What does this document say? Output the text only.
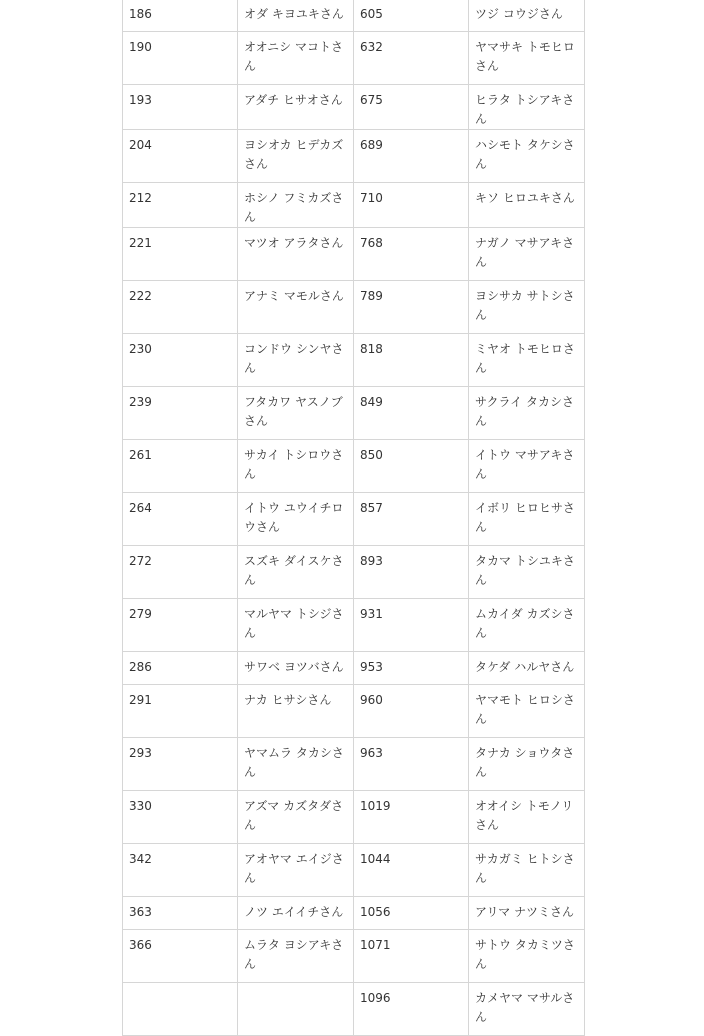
186	オダ キヨユキさん	605	ツジ コウジさん
190	オオニシ マコトさん	632	ヤマサキ トモヒロさん
193	アダチ ヒサオさん	675	ヒラタ トシアキさん
204	ヨシオカ ヒデカズさん	689	ハシモト タケシさん
212	ホシノ フミカズさん	710	キソ ヒロユキさん
221	マツオ アラタさん	768	ナガノ マサアキさん
222	アナミ マモルさん	789	ヨシサカ サトシさん
230	コンドウ シンヤさん	818	ミヤオ トモヒロさん
239	フタカワ ヤスノブさん	849	サクライ タカシさん
261	サカイ トシロウさん	850	イトウ マサアキさん
264	イトウ ユウイチロウさん	857	イボリ ヒロヒサさん
272	スズキ ダイスケさん	893	タカマ トシユキさん
279	マルヤマ トシジさん	931	ムカイダ カズシさん
286	サワベ ヨツバさん	953	タケダ ハルヤさん
291	ナカ ヒサシさん	960	ヤマモト ヒロシさん
293	ヤマムラ タカシさん	963	タナカ ショウタさん
330	アズマ カズタダさん	1019	オオイシ トモノリさん
342	アオヤマ エイジさん	1044	サカガミ ヒトシさん
363	ノツ エイイチさん	1056	アリマ ナツミさん
366	ムラタ ヨシアキさん	1071	サトウ タカミツさん
		1096	カメヤマ マサルさん
